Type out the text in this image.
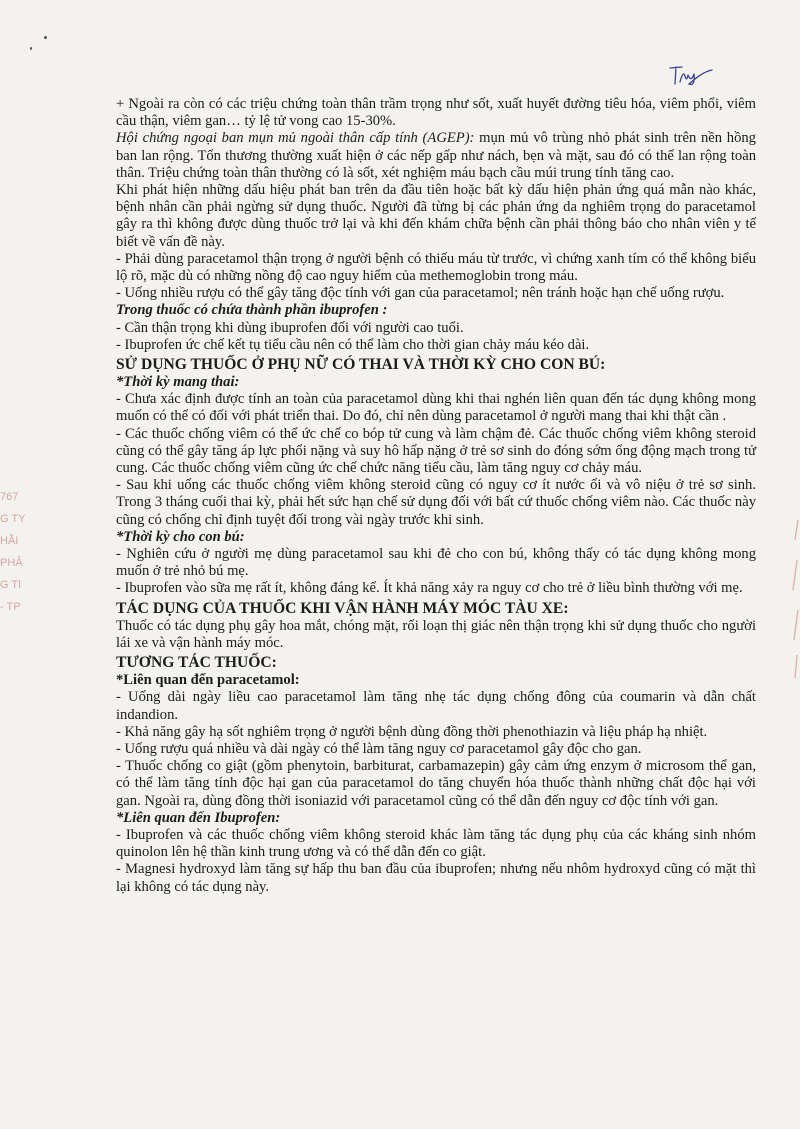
767
G TY
HẦI
PHẢ
G TI
- TP

+ Ngoài ra còn có các triệu chứng toàn thân trầm trọng như sốt, xuất huyết đường tiêu hóa, viêm phổi, viêm cầu thận, viêm gan… tỷ lệ tử vong cao 15-30%.

Hội chứng ngoại ban mụn mủ ngoài thân cấp tính (AGEP): mụn mủ vô trùng nhỏ phát sinh trên nền hồng ban lan rộng. Tổn thương thường xuất hiện ở các nếp gấp như nách, bẹn và mặt, sau đó có thể lan rộng toàn thân. Triệu chứng toàn thân thường có là sốt, xét nghiệm máu bạch cầu múi trung tính tăng cao.

Khi phát hiện những dấu hiệu phát ban trên da đầu tiên hoặc bất kỳ dấu hiện phản ứng quá mẫn nào khác, bệnh nhân cần phải ngừng sử dụng thuốc. Người đã từng bị các phản ứng da nghiêm trọng do paracetamol gây ra thì không được dùng thuốc trở lại và khi đến khám chữa bệnh cần phải thông báo cho nhân viên y tế biết về vấn đề này.

- Phải dùng paracetamol thận trọng ở người bệnh có thiếu máu từ trước, vì chứng xanh tím có thể không biểu lộ rõ, mặc dù có những nồng độ cao nguy hiểm của methemoglobin trong máu.

- Uống nhiều rượu có thể gây tăng độc tính với gan của paracetamol; nên tránh hoặc hạn chế uống rượu.

Trong thuốc có chứa thành phần ibuprofen :

- Cần thận trọng khi dùng ibuprofen đối với người cao tuổi.

- Ibuprofen ức chế kết tụ tiểu cầu nên có thể làm cho thời gian chảy máu kéo dài.

SỬ DỤNG THUỐC Ở PHỤ NỮ CÓ THAI VÀ THỜI KỲ CHO CON BÚ:

*Thời kỳ mang thai:

- Chưa xác định được tính an toàn của paracetamol dùng khi thai nghén liên quan đến tác dụng không mong muốn có thể có đối với phát triển thai. Do đó, chỉ nên dùng paracetamol ở người mang thai khi thật cần .

- Các thuốc chống viêm có thể ức chế co bóp tử cung và làm chậm đẻ. Các thuốc chống viêm không steroid cũng có thể gây tăng áp lực phổi nặng và suy hô hấp nặng ở trẻ sơ sinh do đóng sớm ống động mạch trong tử cung. Các thuốc chống viêm cũng ức chế chức năng tiểu cầu, làm tăng nguy cơ chảy máu.

- Sau khi uống các thuốc chống viêm không steroid cũng có nguy cơ ít nước ối và vô niệu ở trẻ sơ sinh. Trong 3 tháng cuối thai kỳ, phải hết sức hạn chế sử dụng đối với bất cứ thuốc chống viêm nào. Các thuốc này cũng có chống chỉ định tuyệt đối trong vài ngày trước khi sinh.

*Thời kỳ cho con bú:

- Nghiên cứu ở người mẹ dùng paracetamol sau khi đẻ cho con bú, không thấy có tác dụng không mong muốn ở trẻ nhỏ bú mẹ.

- Ibuprofen vào sữa mẹ rất ít, không đáng kể. Ít khả năng xảy ra nguy cơ cho trẻ ở liều bình thường với mẹ.

TÁC DỤNG CỦA THUỐC KHI VẬN HÀNH MÁY MÓC TÀU XE:

Thuốc có tác dụng phụ gây hoa mắt, chóng mặt, rối loạn thị giác nên thận trọng khi sử dụng thuốc cho người lái xe và vận hành máy móc.

TƯƠNG TÁC THUỐC:

*Liên quan đến paracetamol:

- Uống dài ngày liều cao paracetamol làm tăng nhẹ tác dụng chống đông của coumarin và dẫn chất indandion.

- Khả năng gây hạ sốt nghiêm trọng ở người bệnh dùng đồng thời phenothiazin và liệu pháp hạ nhiệt.

- Uống rượu quá nhiều và dài ngày có thể làm tăng nguy cơ paracetamol gây độc cho gan.

- Thuốc chống co giật (gồm phenytoin, barbiturat, carbamazepin) gây cảm ứng enzym ở microsom thể gan, có thể làm tăng tính độc hại gan của paracetamol do tăng chuyển hóa thuốc thành những chất độc hại với gan. Ngoài ra, dùng đồng thời isoniazid với paracetamol cũng có thể dẫn đến nguy cơ độc tính với gan.

*Liên quan đến Ibuprofen:

- Ibuprofen và các thuốc chống viêm không steroid khác làm tăng tác dụng phụ của các kháng sinh nhóm quinolon lên hệ thần kinh trung ương và có thể dẫn đến co giật.

- Magnesi hydroxyd làm tăng sự hấp thu ban đầu của ibuprofen; nhưng nếu nhôm hydroxyd cũng có mặt thì lại không có tác dụng này.
